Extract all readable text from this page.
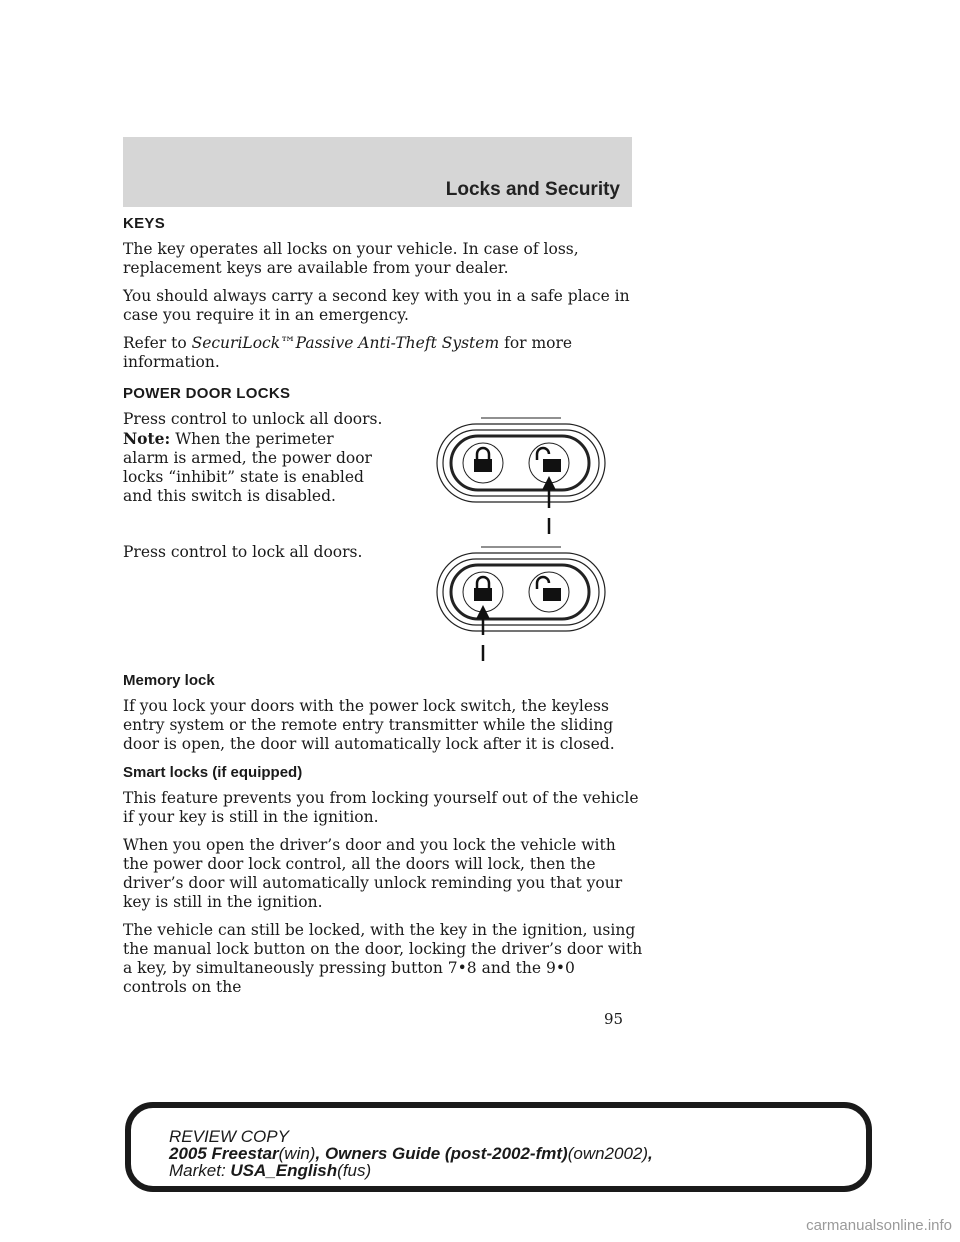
Locks and Security
KEYS

The key operates all locks on your vehicle. In case of loss, replacement keys are available from your dealer.

You should always carry a second key with you in a safe place in case you require it in an emergency.

Refer to SecuriLock™Passive Anti-Theft System for more information.

POWER DOOR LOCKS
Press control to unlock all doors.
Note: When the perimeter alarm is armed, the power door locks “inhibit” state is enabled and this switch is disabled.
Press control to lock all doors.
Memory lock

If you lock your doors with the power lock switch, the keyless entry system or the remote entry transmitter while the sliding door is open, the door will automatically lock after it is closed.

Smart locks (if equipped)

This feature prevents you from locking yourself out of the vehicle if your key is still in the ignition.

When you open the driver’s door and you lock the vehicle with the power door lock control, all the doors will lock, then the driver’s door will automatically unlock reminding you that your key is still in the ignition.

The vehicle can still be locked, with the key in the ignition, using the manual lock button on the door, locking the driver’s door with a key, by simultaneously pressing button 7•8 and the 9•0 controls on the

95
REVIEW COPY
2005 Freestar(win), Owners Guide (post-2002-fmt)(own2002),
Market: USA_English(fus)
carmanualsonline.info
